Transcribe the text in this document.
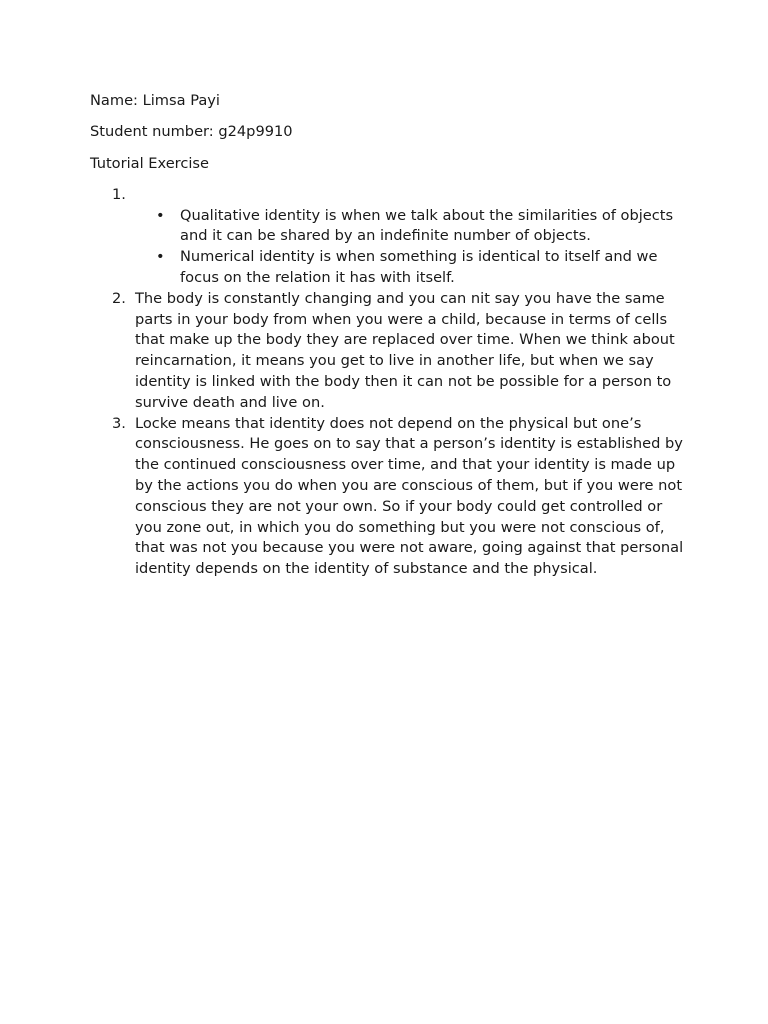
Name: Limsa Payi

Student number: g24p9910

Tutorial Exercise

1.
• Qualitative identity is when we talk about the similarities of objects and it can be shared by an indefinite number of objects.
• Numerical identity is when something is identical to itself and we focus on the relation it has with itself.
2. The body is constantly changing and you can nit say you have the same parts in your body from when you were a child, because in terms of cells that make up the body they are replaced over time. When we think about reincarnation, it means you get to live in another life, but when we say identity is linked with the body then it can not be possible for a person to survive death and live on.
3. Locke means that identity does not depend on the physical but one’s consciousness. He goes on to say that a person’s identity is established by the continued consciousness over time, and that your identity is made up by the actions you do when you are conscious of them, but if you were not conscious they are not your own. So if your body could get controlled or you zone out, in which you do something but you were not conscious of, that was not you because you were not aware, going against that personal identity depends on the identity of substance and the physical.
